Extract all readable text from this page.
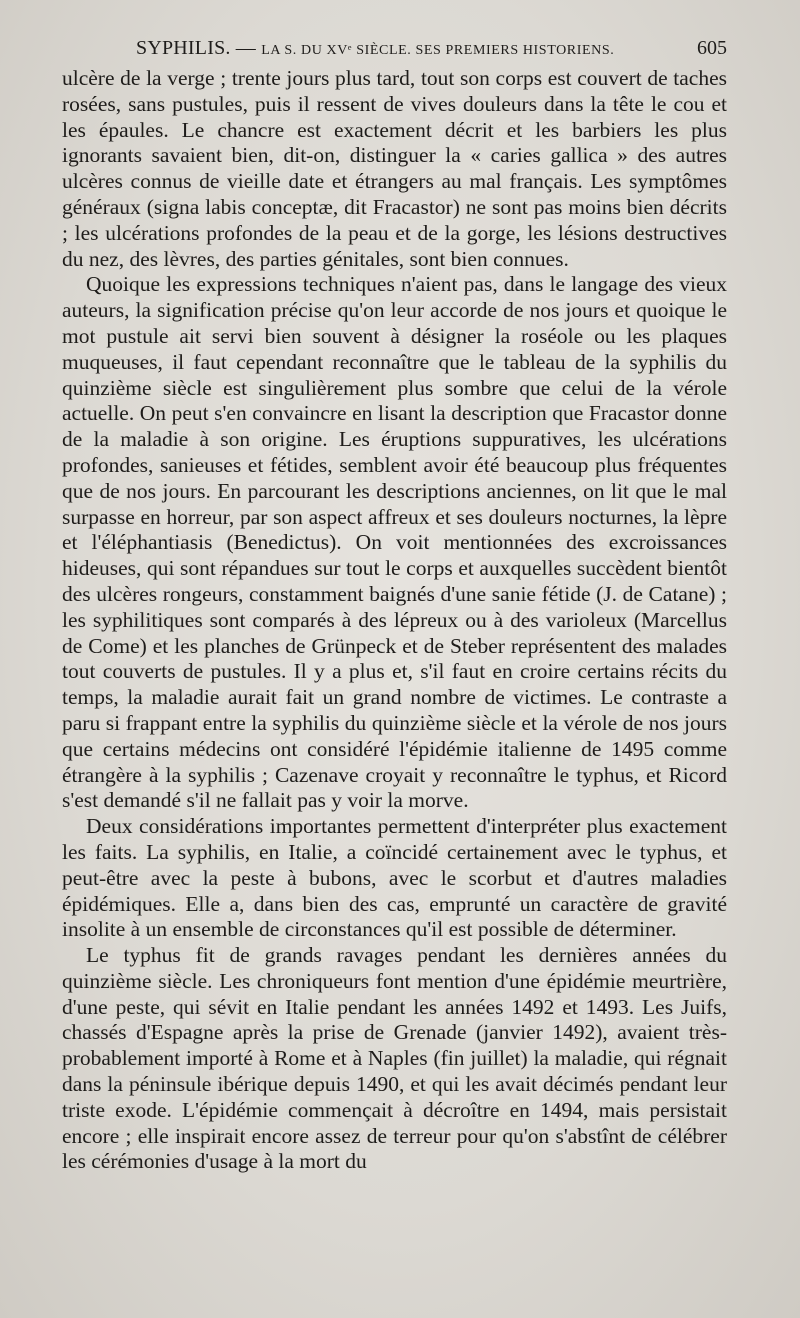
SYPHILIS. — LA S. DU XVᵉ SIÈCLE. SES PREMIERS HISTORIENS.	605

ulcère de la verge ; trente jours plus tard, tout son corps est couvert de taches rosées, sans pustules, puis il ressent de vives douleurs dans la tête le cou et les épaules. Le chancre est exactement décrit et les barbiers les plus ignorants savaient bien, dit-on, distinguer la « caries gallica » des autres ulcères connus de vieille date et étrangers au mal français. Les symptômes généraux (signa labis conceptæ, dit Fracastor) ne sont pas moins bien décrits ; les ulcérations profondes de la peau et de la gorge, les lésions destructives du nez, des lèvres, des parties génitales, sont bien connues.

Quoique les expressions techniques n'aient pas, dans le langage des vieux auteurs, la signification précise qu'on leur accorde de nos jours et quoique le mot pustule ait servi bien souvent à désigner la roséole ou les plaques muqueuses, il faut cependant reconnaître que le tableau de la syphilis du quinzième siècle est singulièrement plus sombre que celui de la vérole actuelle. On peut s'en convaincre en lisant la description que Fracastor donne de la maladie à son origine. Les éruptions suppuratives, les ulcérations profondes, sanieuses et fétides, semblent avoir été beaucoup plus fréquentes que de nos jours. En parcourant les descriptions anciennes, on lit que le mal surpasse en horreur, par son aspect affreux et ses douleurs nocturnes, la lèpre et l'éléphantiasis (Benedictus). On voit mentionnées des excroissances hideuses, qui sont répandues sur tout le corps et auxquelles succèdent bientôt des ulcères rongeurs, constamment baignés d'une sanie fétide (J. de Catane) ; les syphilitiques sont comparés à des lépreux ou à des varioleux (Marcellus de Come) et les planches de Grünpeck et de Steber représentent des malades tout couverts de pustules. Il y a plus et, s'il faut en croire certains récits du temps, la maladie aurait fait un grand nombre de victimes. Le contraste a paru si frappant entre la syphilis du quinzième siècle et la vérole de nos jours que certains médecins ont considéré l'épidémie italienne de 1495 comme étrangère à la syphilis ; Cazenave croyait y reconnaître le typhus, et Ricord s'est demandé s'il ne fallait pas y voir la morve.

Deux considérations importantes permettent d'interpréter plus exactement les faits. La syphilis, en Italie, a coïncidé certainement avec le typhus, et peut-être avec la peste à bubons, avec le scorbut et d'autres maladies épidémiques. Elle a, dans bien des cas, emprunté un caractère de gravité insolite à un ensemble de circonstances qu'il est possible de déterminer.

Le typhus fit de grands ravages pendant les dernières années du quinzième siècle. Les chroniqueurs font mention d'une épidémie meurtrière, d'une peste, qui sévit en Italie pendant les années 1492 et 1493. Les Juifs, chassés d'Espagne après la prise de Grenade (janvier 1492), avaient très-probablement importé à Rome et à Naples (fin juillet) la maladie, qui régnait dans la péninsule ibérique depuis 1490, et qui les avait décimés pendant leur triste exode. L'épidémie commençait à décroître en 1494, mais persistait encore ; elle inspirait encore assez de terreur pour qu'on s'abstînt de célébrer les cérémonies d'usage à la mort du
